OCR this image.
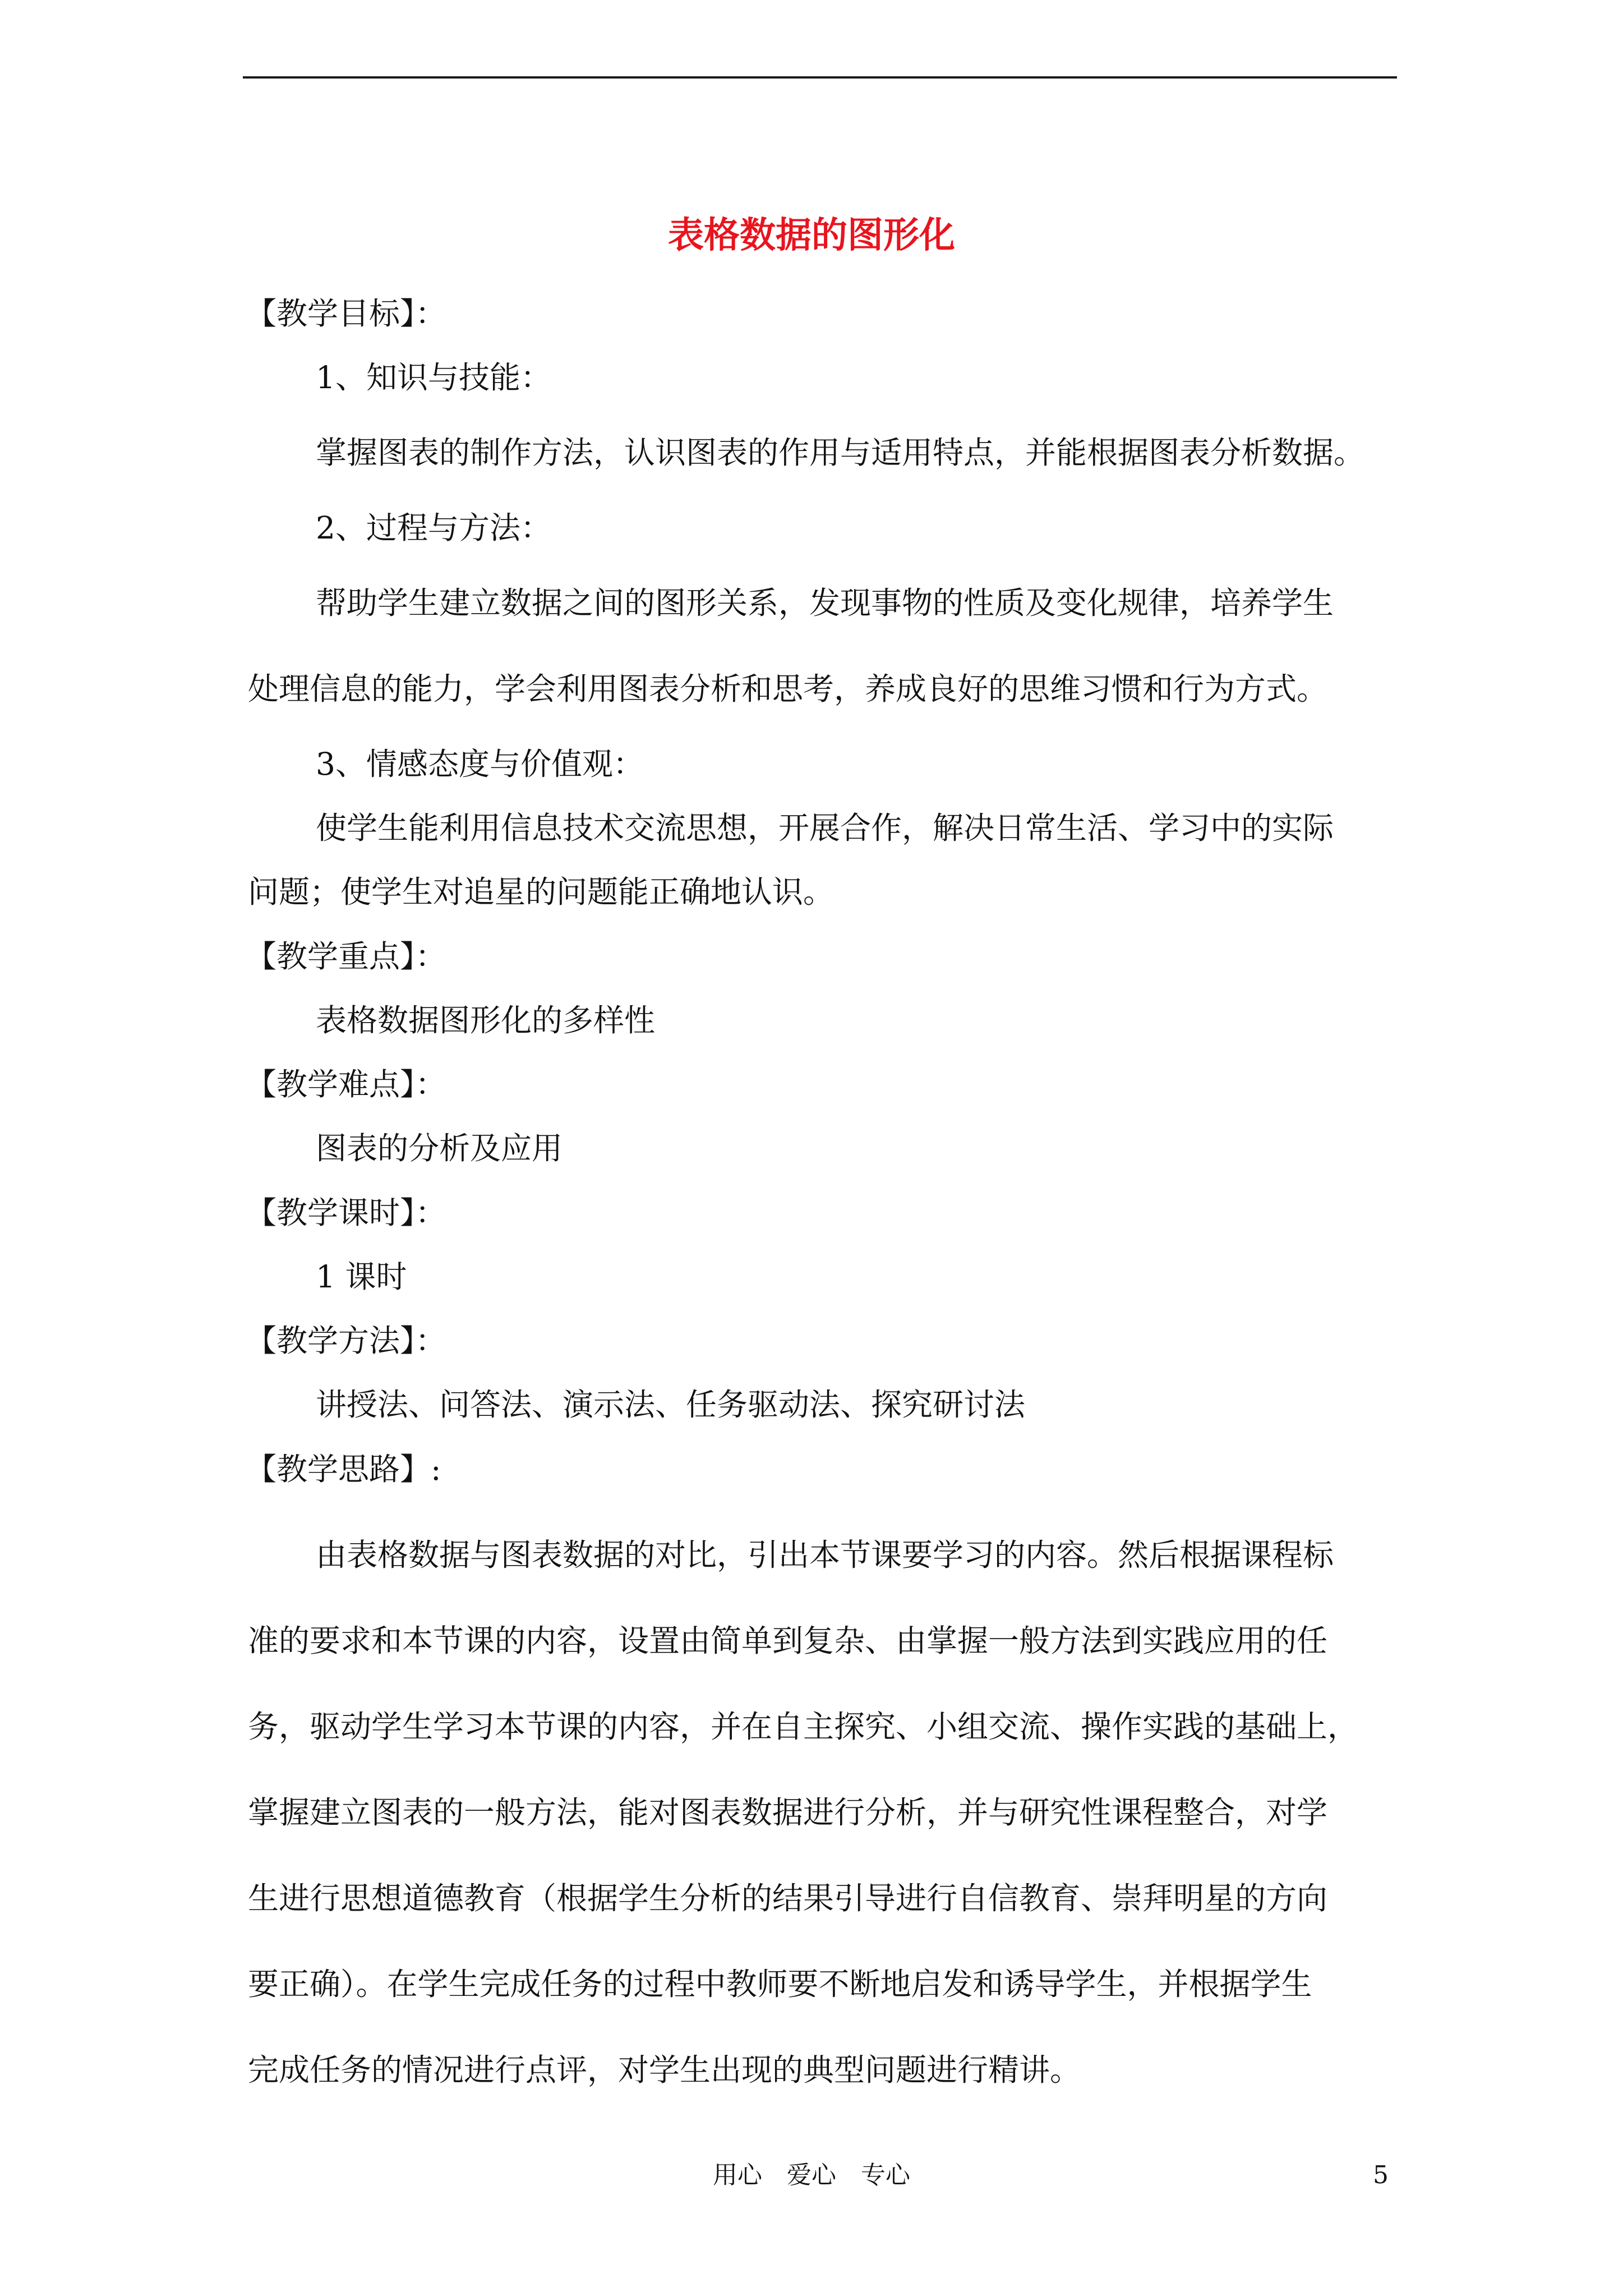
表格数据的图形化
【教学目标】：
1、知识与技能：
掌握图表的制作方法，认识图表的作用与适用特点，并能根据图表分析数据。
2、过程与方法：
帮助学生建立数据之间的图形关系，发现事物的性质及变化规律，培养学生
处理信息的能力，学会利用图表分析和思考，养成良好的思维习惯和行为方式。
3、情感态度与价值观：
使学生能利用信息技术交流思想，开展合作，解决日常生活、学习中的实际
问题；使学生对追星的问题能正确地认识。
【教学重点】：
表格数据图形化的多样性
【教学难点】：
图表的分析及应用
【教学课时】：
1 课时
【教学方法】：
讲授法、问答法、演示法、任务驱动法、探究研讨法
【教学思路】:
由表格数据与图表数据的对比，引出本节课要学习的内容。然后根据课程标
准的要求和本节课的内容，设置由简单到复杂、由掌握一般方法到实践应用的任
务，驱动学生学习本节课的内容，并在自主探究、小组交流、操作实践的基础上，
掌握建立图表的一般方法，能对图表数据进行分析，并与研究性课程整合，对学
生进行思想道德教育（根据学生分析的结果引导进行自信教育、崇拜明星的方向
要正确）。在学生完成任务的过程中教师要不断地启发和诱导学生，并根据学生
完成任务的情况进行点评，对学生出现的典型问题进行精讲。
用心　爱心　专心	5
